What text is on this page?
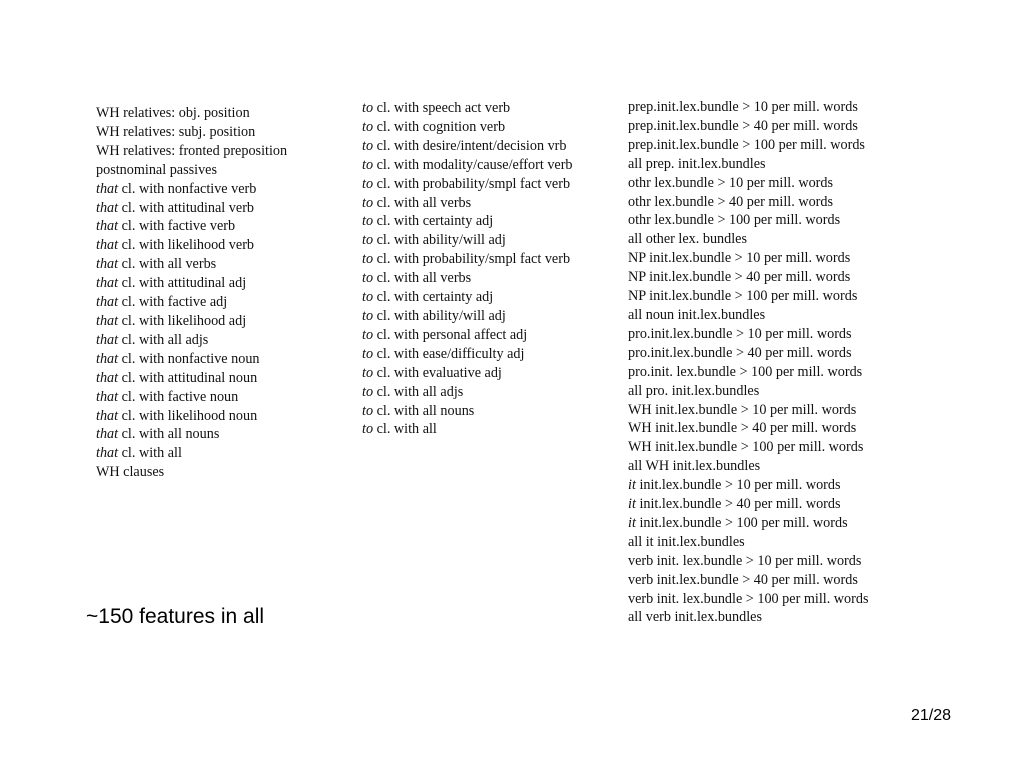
WH relatives: obj. position
WH relatives: subj. position
WH relatives: fronted preposition
postnominal passives
that cl. with nonfactive verb
that cl. with attitudinal verb
that cl. with factive verb
that cl. with likelihood verb
that cl. with all verbs
that cl. with attitudinal adj
that cl. with factive adj
that cl. with likelihood adj
that cl. with all adjs
that cl. with nonfactive noun
that cl. with attitudinal noun
that cl. with factive noun
that cl. with likelihood noun
that cl. with all nouns
that cl. with all
WH clauses
to cl. with speech act verb
to cl. with cognition verb
to cl. with desire/intent/decision vrb
to cl. with modality/cause/effort verb
to cl. with probability/smpl fact verb
to cl. with all verbs
to cl. with certainty adj
to cl. with ability/will adj
to cl. with probability/smpl fact verb
to cl. with all verbs
to cl. with certainty adj
to cl. with ability/will adj
to cl. with personal affect adj
to cl. with ease/difficulty adj
to cl. with evaluative adj
to cl. with all adjs
to cl. with all nouns
to cl. with all
prep.init.lex.bundle > 10 per mill. words
prep.init.lex.bundle > 40 per mill. words
prep.init.lex.bundle > 100 per mill. words
all prep. init.lex.bundles
othr lex.bundle > 10 per mill. words
othr lex.bundle > 40 per mill. words
othr lex.bundle > 100 per mill. words
all other lex. bundles
NP init.lex.bundle > 10 per mill. words
NP init.lex.bundle > 40 per mill. words
NP init.lex.bundle > 100 per mill. words
all noun init.lex.bundles
pro.init.lex.bundle > 10 per mill. words
pro.init.lex.bundle > 40 per mill. words
pro.init. lex.bundle > 100 per mill. words
all pro. init.lex.bundles
WH init.lex.bundle > 10 per mill. words
WH init.lex.bundle > 40 per mill. words
WH init.lex.bundle > 100 per mill. words
all WH init.lex.bundles
it init.lex.bundle > 10 per mill. words
it init.lex.bundle > 40 per mill. words
it init.lex.bundle > 100 per mill. words
all it init.lex.bundles
verb init. lex.bundle > 10 per mill. words
verb init.lex.bundle > 40 per mill. words
verb init. lex.bundle > 100 per mill. words
all verb init.lex.bundles
~150 features in all
21/28
